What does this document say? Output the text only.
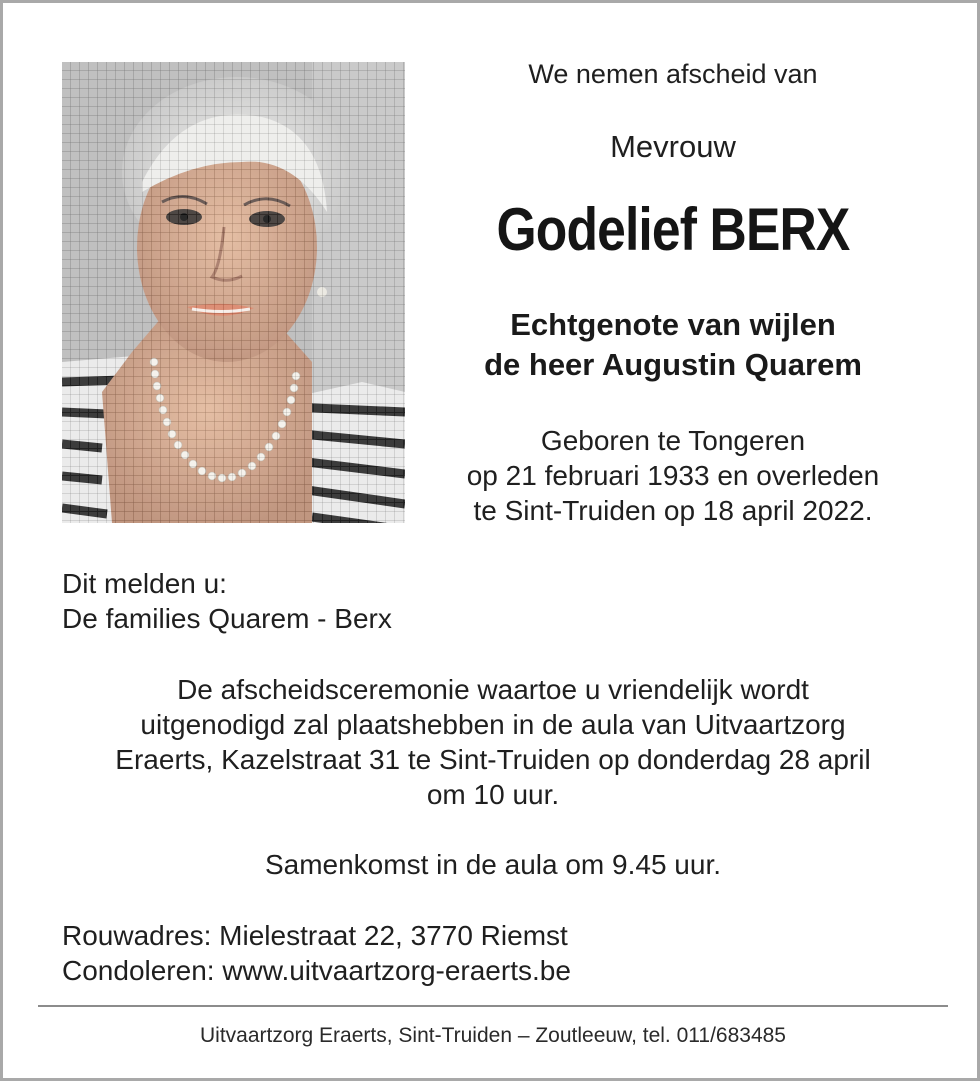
We nemen afscheid van
Mevrouw
Godelief BERX
Echtgenote van wijlen
de heer Augustin Quarem
Geboren te Tongeren
op 21 februari 1933 en overleden
te Sint-Truiden op 18 april 2022.
Dit melden u:
De families Quarem - Berx
De afscheidsceremonie waartoe u vriendelijk wordt
uitgenodigd zal plaatshebben in de aula van Uitvaartzorg
Eraerts, Kazelstraat 31 te Sint-Truiden op donderdag 28 april
om 10 uur.
Samenkomst in de aula om 9.45 uur.
Rouwadres: Mielestraat 22, 3770 Riemst
Condoleren: www.uitvaartzorg-eraerts.be
Uitvaartzorg Eraerts, Sint-Truiden – Zoutleeuw, tel. 011/683485
